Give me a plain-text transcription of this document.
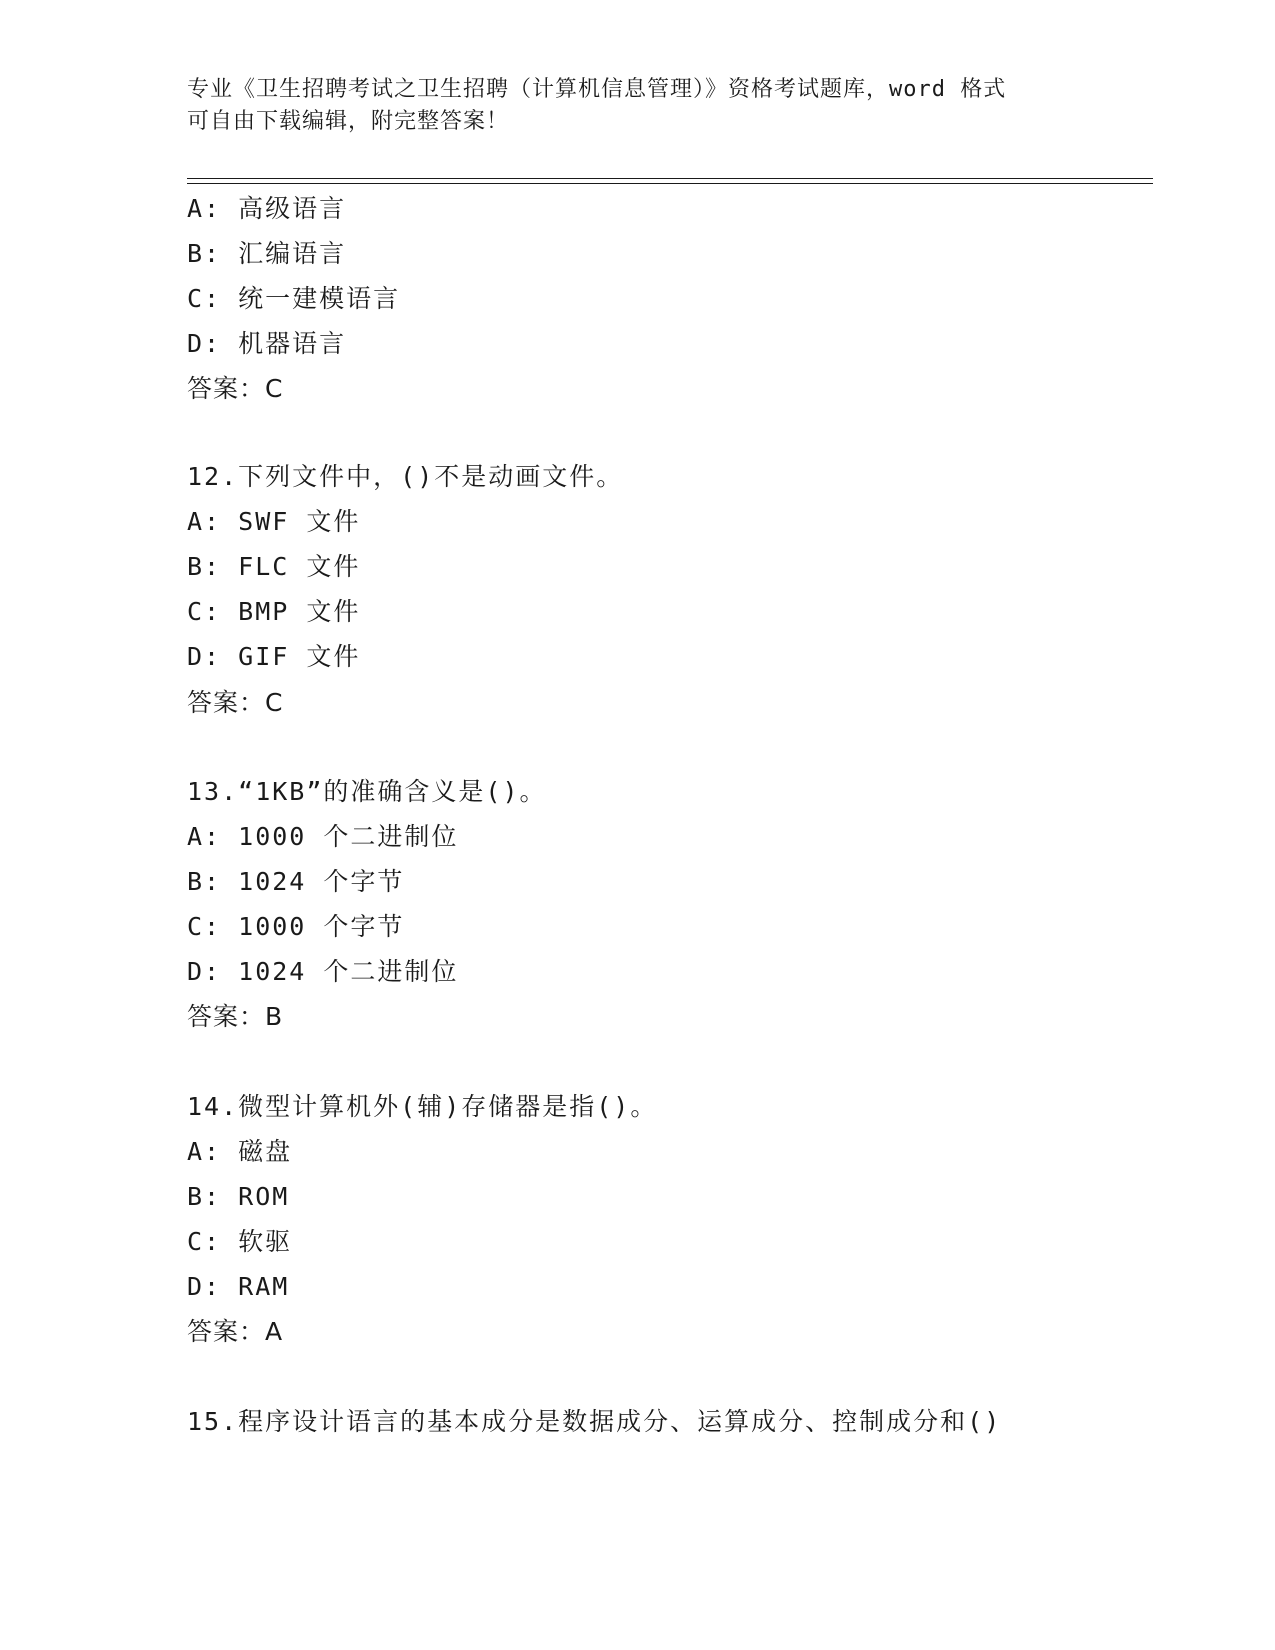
专业《卫生招聘考试之卫生招聘（计算机信息管理）》资格考试题库，word 格式
可自由下载编辑，附完整答案！
A: 高级语言
B: 汇编语言
C: 统一建模语言
D: 机器语言
答案：C
12.下列文件中，()不是动画文件。
A: SWF 文件
B: FLC 文件
C: BMP 文件
D: GIF 文件
答案：C
13.“1KB”的准确含义是()。
A: 1000 个二进制位
B: 1024 个字节
C: 1000 个字节
D: 1024 个二进制位
答案：B
14.微型计算机外(辅)存储器是指()。
A: 磁盘
B: ROM
C: 软驱
D: RAM
答案：A
15.程序设计语言的基本成分是数据成分、运算成分、控制成分和()
